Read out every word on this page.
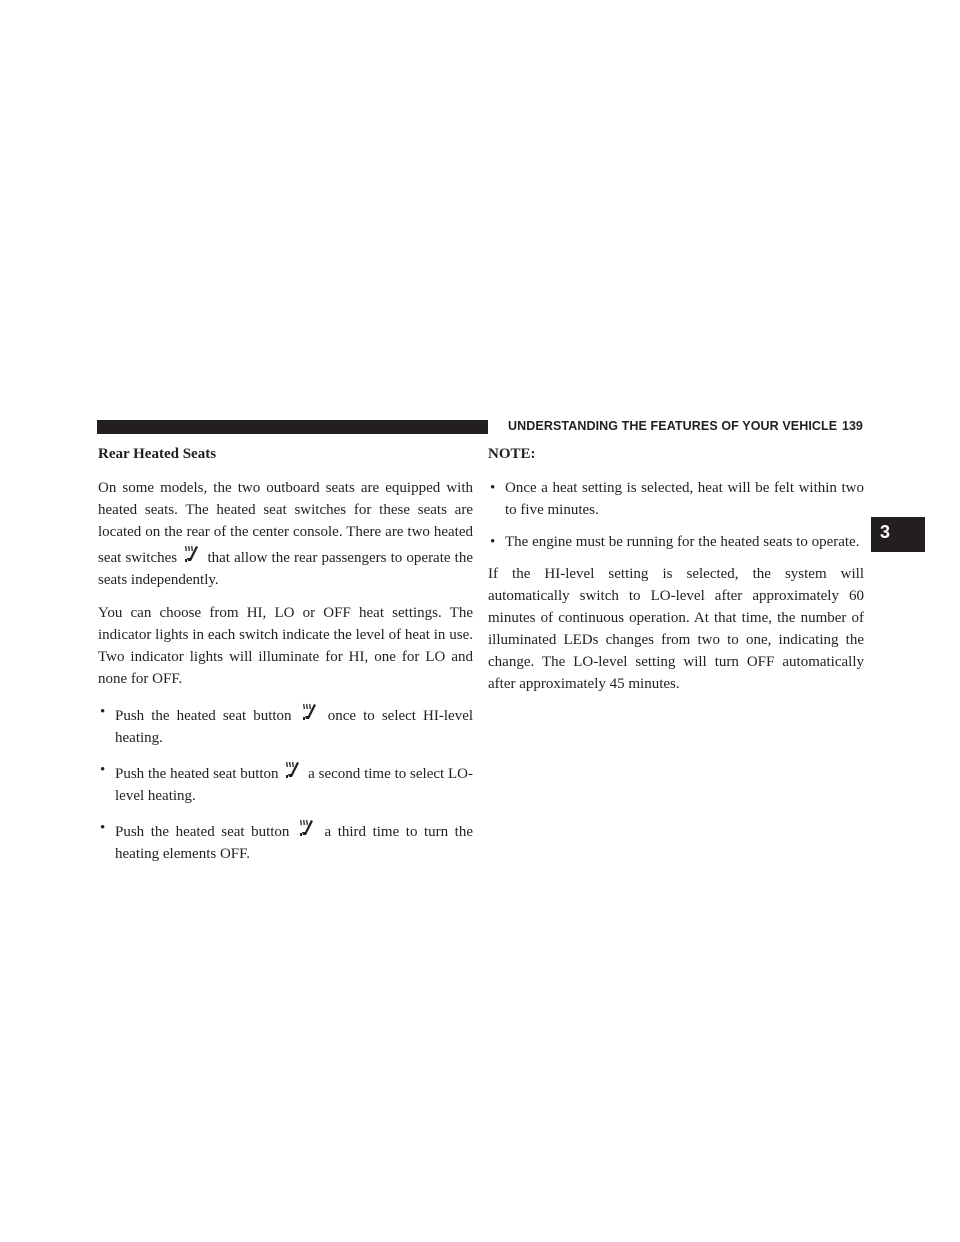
UNDERSTANDING THE FEATURES OF YOUR VEHICLE 139
3
Rear Heated Seats

On some models, the two outboard seats are equipped with heated seats. The heated seat switches for these seats are located on the rear of the center console. There are two heated seat switches that allow the rear passengers to operate the seats independently.

You can choose from HI, LO or OFF heat settings. The indicator lights in each switch indicate the level of heat in use. Two indicator lights will illuminate for HI, one for LO and none for OFF.

• Push the heated seat button once to select HI-level heating.
• Push the heated seat button a second time to select LO-level heating.
• Push the heated seat button a third time to turn the heating elements OFF.
NOTE:
• Once a heat setting is selected, heat will be felt within two to five minutes.
• The engine must be running for the heated seats to operate.

If the HI-level setting is selected, the system will automatically switch to LO-level after approximately 60 minutes of continuous operation. At that time, the number of illuminated LEDs changes from two to one, indicating the change. The LO-level setting will turn OFF automatically after approximately 45 minutes.
